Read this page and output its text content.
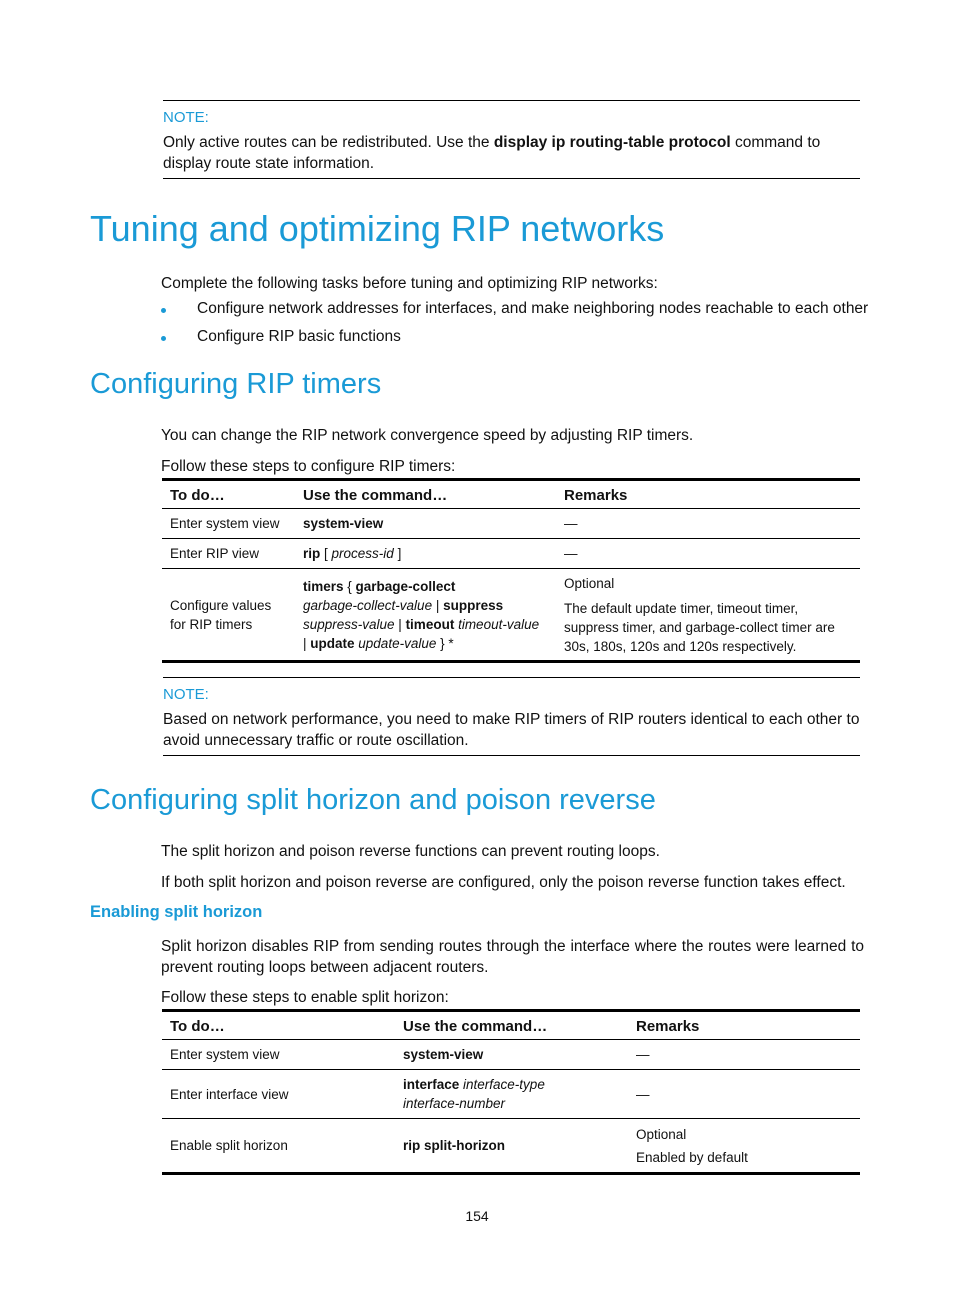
NOTE:
Only active routes can be redistributed. Use the display ip routing-table protocol command to display route state information.
Tuning and optimizing RIP networks
Complete the following tasks before tuning and optimizing RIP networks:
Configure network addresses for interfaces, and make neighboring nodes reachable to each other
Configure RIP basic functions
Configuring RIP timers
You can change the RIP network convergence speed by adjusting RIP timers.
Follow these steps to configure RIP timers:
To do…	Use the command…	Remarks
Enter system view	system-view	—
Enter RIP view	rip [ process-id ]	—
Configure values for RIP timers	timers { garbage-collect
garbage-collect-value | suppress
suppress-value | timeout timeout-value
| update update-value } *	Optional
The default update timer, timeout timer, suppress timer, and garbage-collect timer are 30s, 180s, 120s and 120s respectively.
NOTE:
Based on network performance, you need to make RIP timers of RIP routers identical to each other to avoid unnecessary traffic or route oscillation.
Configuring split horizon and poison reverse
The split horizon and poison reverse functions can prevent routing loops.
If both split horizon and poison reverse are configured, only the poison reverse function takes effect.
Enabling split horizon
Split horizon disables RIP from sending routes through the interface where the routes were learned to prevent routing loops between adjacent routers.
Follow these steps to enable split horizon:
To do…	Use the command…	Remarks
Enter system view	system-view	—
Enter interface view	interface interface-type
interface-number	—
Enable split horizon	rip split-horizon	Optional
Enabled by default
154
